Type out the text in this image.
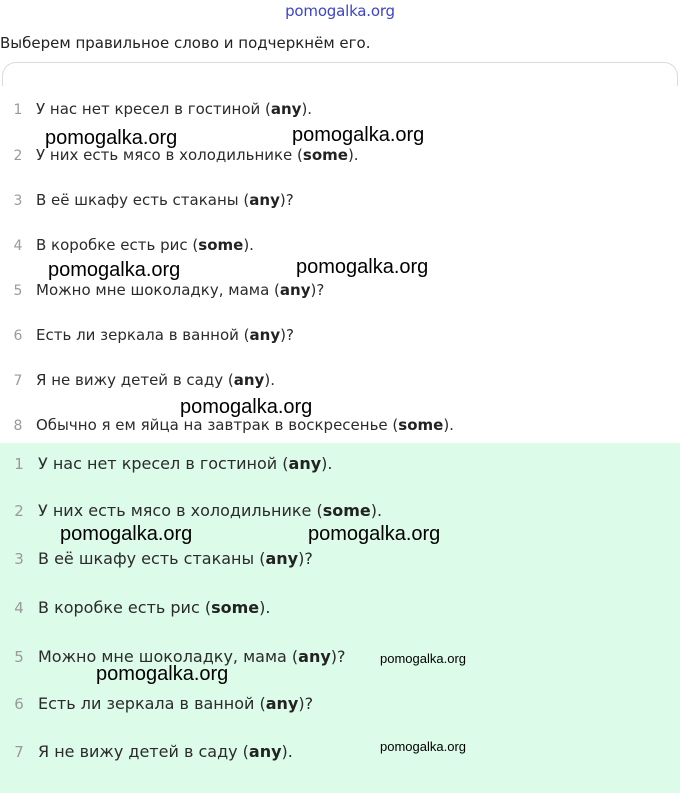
pomogalka.org
Выберем правильное слово и подчеркнём его.
1 У нас нет кресел в гостиной (any).
2 У них есть мясо в холодильнике (some).
3 В её шкафу есть стаканы (any)?
4 В коробке есть рис (some).
5 Можно мне шоколадку, мама (any)?
6 Есть ли зеркала в ванной (any)?
7 Я не вижу детей в саду (any).
8 Обычно я ем яйца на завтрак в воскресенье (some).
1 У нас нет кресел в гостиной (any).
2 У них есть мясо в холодильнике (some).
3 В её шкафу есть стаканы (any)?
4 В коробке есть рис (some).
5 Можно мне шоколадку, мама (any)?
6 Есть ли зеркала в ванной (any)?
7 Я не вижу детей в саду (any).
pomogalka.org	pomogalka.org
pomogalka.org	pomogalka.org
pomogalka.org
pomogalka.org	pomogalka.org
pomogalka.org
pomogalka.org
pomogalka.org
